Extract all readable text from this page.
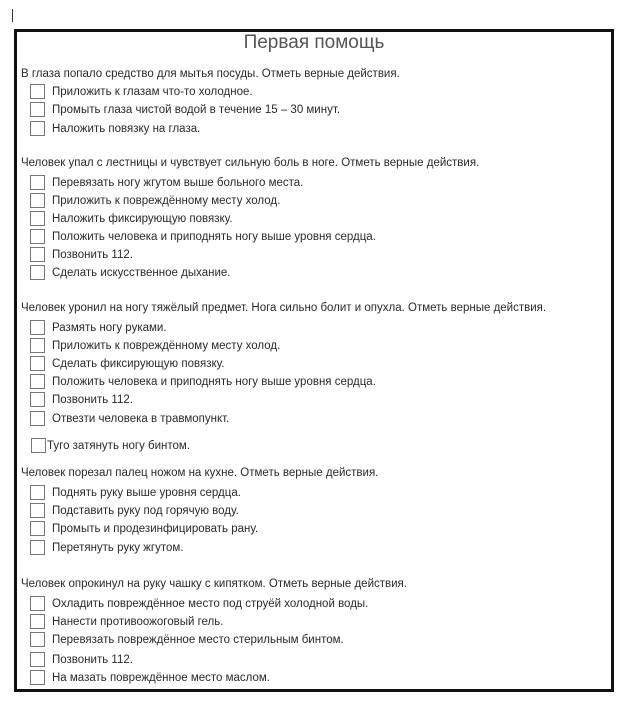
Первая помощь
В глаза попало средство для мытья посуды. Отметь верные действия.
Приложить к глазам что-то холодное.
Промыть глаза чистой водой в течение 15 – 30 минут.
Наложить повязку на глаза.
Человек упал с лестницы и чувствует сильную боль в ноге. Отметь верные действия.
Перевязать ногу жгутом выше больного места.
Приложить к повреждённому месту холод.
Наложить фиксирующую повязку.
Положить человека и приподнять ногу выше уровня сердца.
Позвонить 112.
Сделать искусственное дыхание.
Человек уронил на ногу тяжёлый предмет. Нога сильно болит и опухла. Отметь верные действия.
Размять ногу руками.
Приложить к повреждённому месту холод.
Сделать фиксирующую повязку.
Положить человека и приподнять ногу выше уровня сердца.
Позвонить 112.
Отвезти человека в травмопункт.
Туго затянуть ногу бинтом.
Человек порезал палец ножом на кухне. Отметь верные действия.
Поднять руку выше уровня сердца.
Подставить руку под горячую воду.
Промыть и продезинфицировать рану.
Перетянуть руку жгутом.
Человек опрокинул на руку чашку с кипятком. Отметь верные действия.
Охладить повреждённое место под струёй холодной воды.
Нанести противоожоговый гель.
Перевязать повреждённое место стерильным бинтом.
Позвонить 112.
На мазать повреждённое место маслом.
